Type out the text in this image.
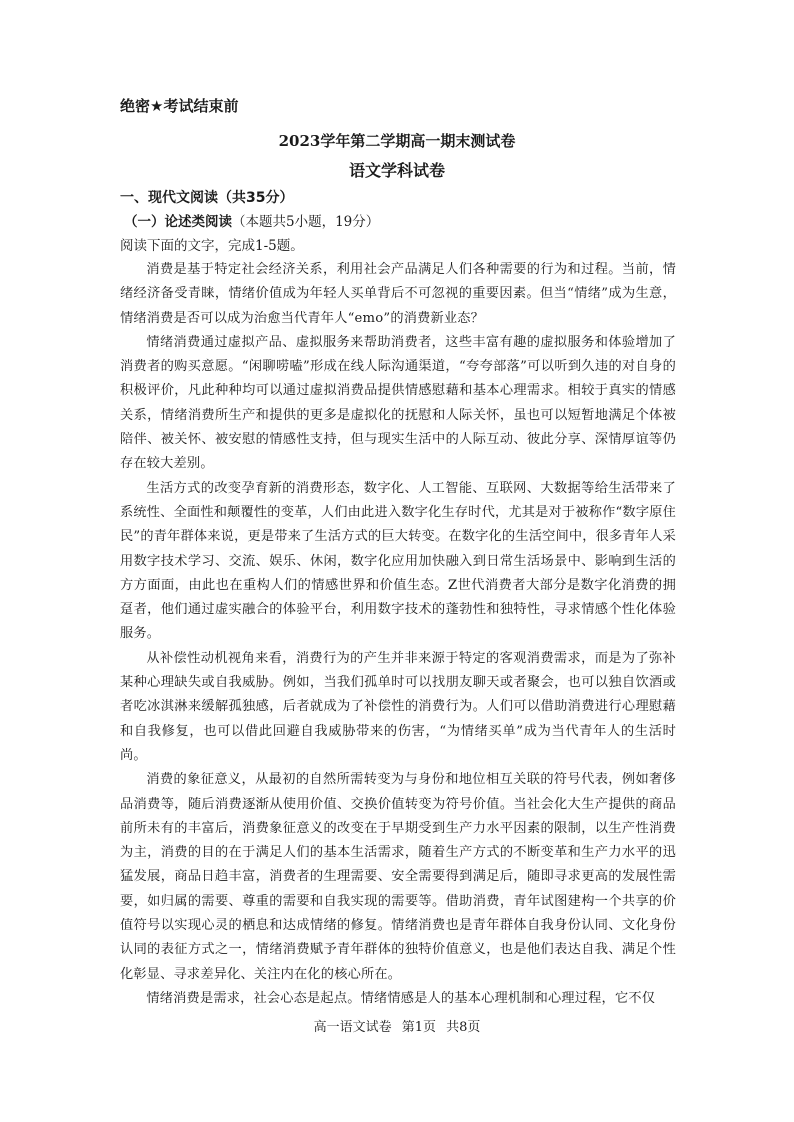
绝密★考试结束前
2023学年第二学期高一期末测试卷
语文学科试卷
一、现代文阅读（共35分）
（一）论述类阅读（本题共5小题，19分）
阅读下面的文字，完成1-5题。

消费是基于特定社会经济关系，利用社会产品满足人们各种需要的行为和过程。当前，情绪经济备受青睐，情绪价值成为年轻人买单背后不可忽视的重要因素。但当“情绪”成为生意，情绪消费是否可以成为治愈当代青年人“emo”的消费新业态？

情绪消费通过虚拟产品、虚拟服务来帮助消费者，这些丰富有趣的虚拟服务和体验增加了消费者的购买意愿。“闲聊唠嗑”形成在线人际沟通渠道，“夸夸部落”可以听到久违的对自身的积极评价，凡此种种均可以通过虚拟消费品提供情感慰藉和基本心理需求。相较于真实的情感关系，情绪消费所生产和提供的更多是虚拟化的抚慰和人际关怀，虽也可以短暂地满足个体被陪伴、被关怀、被安慰的情感性支持，但与现实生活中的人际互动、彼此分享、深情厚谊等仍存在较大差别。

生活方式的改变孕育新的消费形态，数字化、人工智能、互联网、大数据等给生活带来了系统性、全面性和颠覆性的变革，人们由此进入数字化生存时代，尤其是对于被称作“数字原住民”的青年群体来说，更是带来了生活方式的巨大转变。在数字化的生活空间中，很多青年人采用数字技术学习、交流、娱乐、休闲，数字化应用加快融入到日常生活场景中、影响到生活的方方面面，由此也在重构人们的情感世界和价值生态。Z世代消费者大部分是数字化消费的拥趸者，他们通过虚实融合的体验平台，利用数字技术的蓬勃性和独特性，寻求情感个性化体验服务。

从补偿性动机视角来看，消费行为的产生并非来源于特定的客观消费需求，而是为了弥补某种心理缺失或自我威胁。例如，当我们孤单时可以找朋友聊天或者聚会，也可以独自饮酒或者吃冰淇淋来缓解孤独感，后者就成为了补偿性的消费行为。人们可以借助消费进行心理慰藉和自我修复，也可以借此回避自我威胁带来的伤害，“为情绪买单”成为当代青年人的生活时尚。

消费的象征意义，从最初的自然所需转变为与身份和地位相互关联的符号代表，例如奢侈品消费等，随后消费逐渐从使用价值、交换价值转变为符号价值。当社会化大生产提供的商品前所未有的丰富后，消费象征意义的改变在于早期受到生产力水平因素的限制，以生产性消费为主，消费的目的在于满足人们的基本生活需求，随着生产方式的不断变革和生产力水平的迅猛发展，商品日趋丰富，消费者的生理需要、安全需要得到满足后，随即寻求更高的发展性需要，如归属的需要、尊重的需要和自我实现的需要等。借助消费，青年试图建构一个共享的价值符号以实现心灵的栖息和达成情绪的修复。情绪消费也是青年群体自我身份认同、文化身份认同的表征方式之一，情绪消费赋予青年群体的独特价值意义，也是他们表达自我、满足个性化彰显、寻求差异化、关注内在化的核心所在。

情绪消费是需求，社会心态是起点。情绪情感是人的基本心理机制和心理过程，它不仅

高一语文试卷 第1页 共8页
